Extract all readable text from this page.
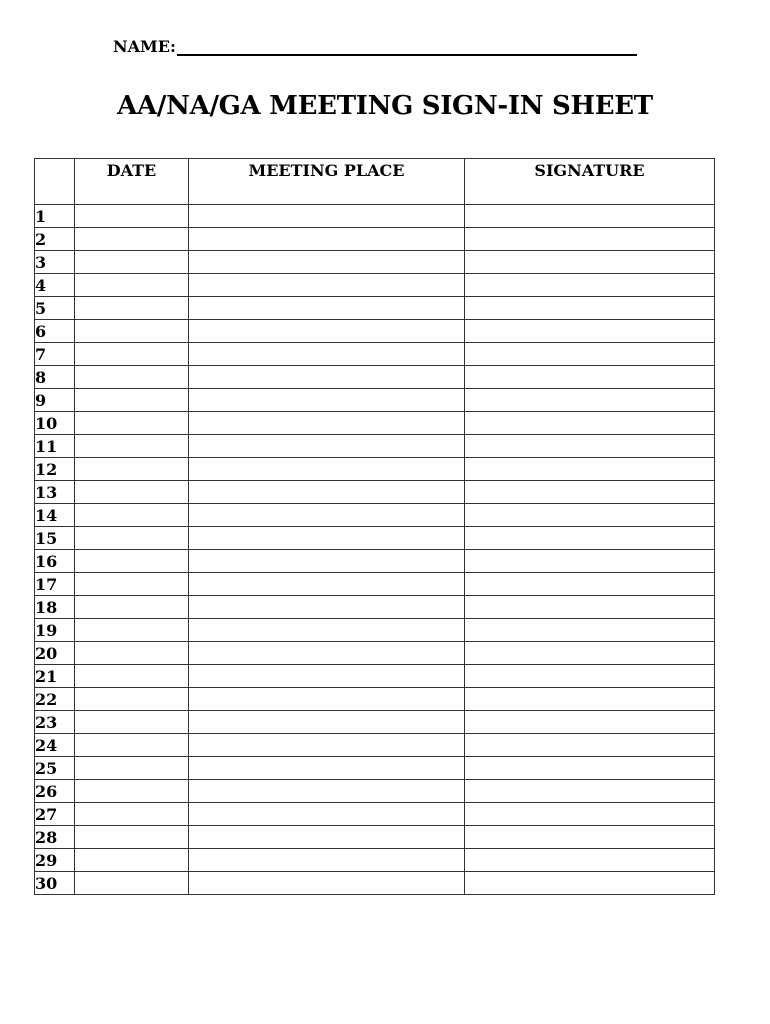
NAME:
AA/NA/GA MEETING SIGN-IN SHEET
	DATE	MEETING PLACE	SIGNATURE
1			
2			
3			
4			
5			
6			
7			
8			
9			
10			
11			
12			
13			
14			
15			
16			
17			
18			
19			
20			
21			
22			
23			
24			
25			
26			
27			
28			
29			
30			
